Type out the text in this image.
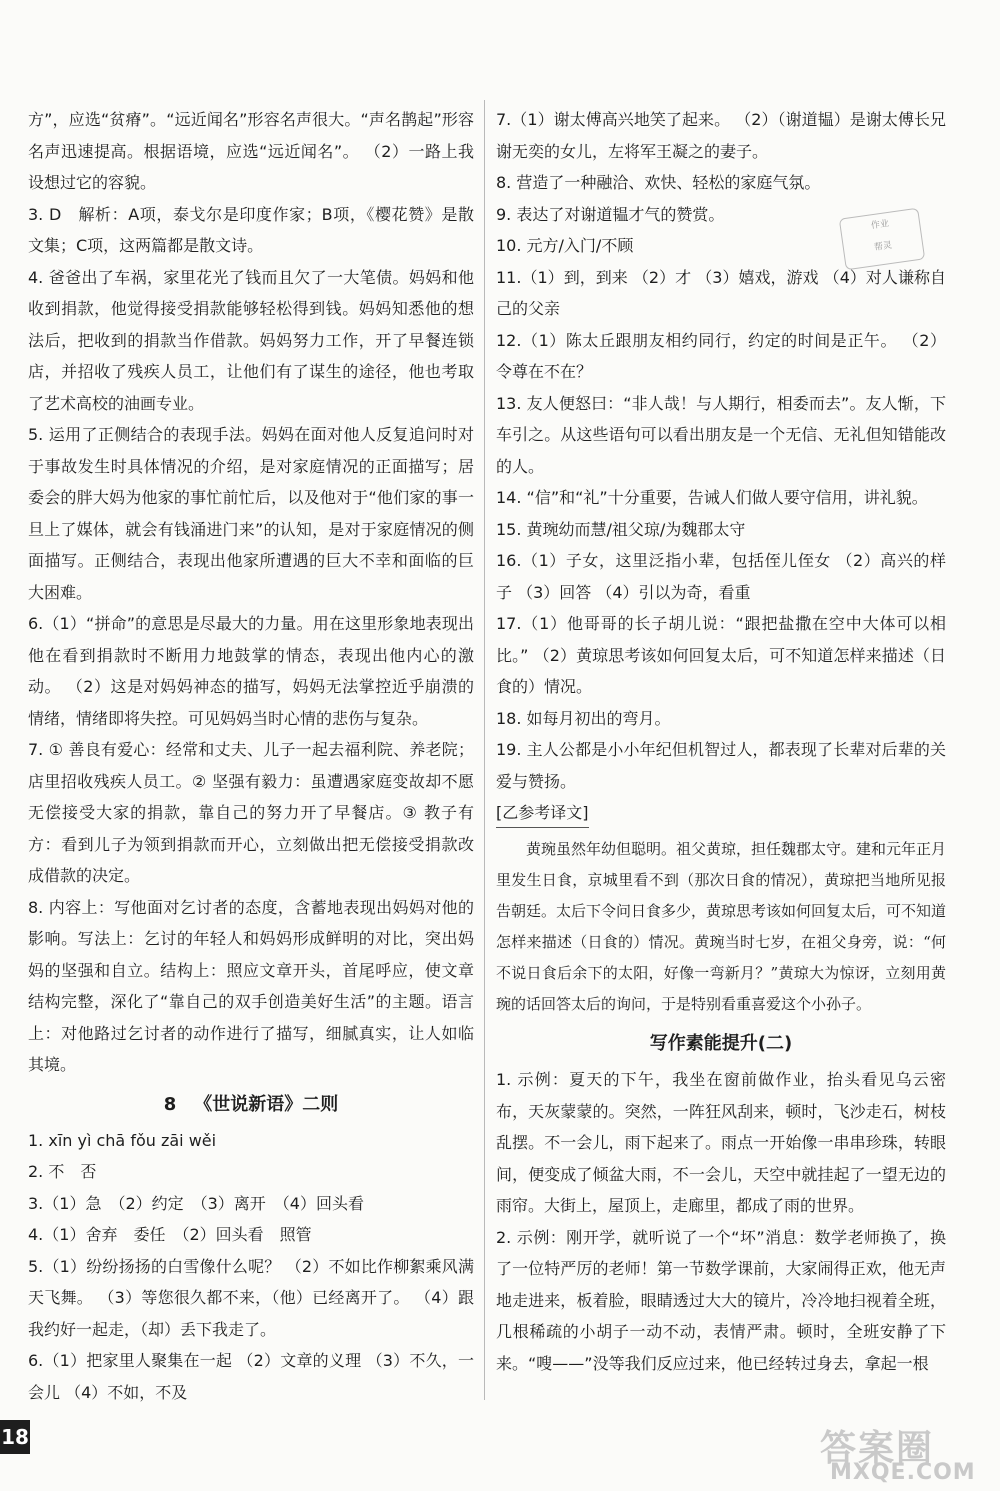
方”，应选“贫瘠”。“远近闻名”形容名声很大。“声名鹊起”形容名声迅速提高。根据语境，应选“远近闻名”。 （2）一路上我设想过它的容貌。

3. D　解析：A项，泰戈尔是印度作家；B项，《樱花赞》是散文集；C项，这两篇都是散文诗。

4. 爸爸出了车祸，家里花光了钱而且欠了一大笔债。妈妈和他收到捐款，他觉得接受捐款能够轻松得到钱。妈妈知悉他的想法后，把收到的捐款当作借款。妈妈努力工作，开了早餐连锁店，并招收了残疾人员工，让他们有了谋生的途径，他也考取了艺术高校的油画专业。

5. 运用了正侧结合的表现手法。妈妈在面对他人反复追问时对于事故发生时具体情况的介绍，是对家庭情况的正面描写；居委会的胖大妈为他家的事忙前忙后，以及他对于“他们家的事一旦上了媒体，就会有钱涌进门来”的认知，是对于家庭情况的侧面描写。正侧结合，表现出他家所遭遇的巨大不幸和面临的巨大困难。

6.（1）“拼命”的意思是尽最大的力量。用在这里形象地表现出他在看到捐款时不断用力地鼓掌的情态，表现出他内心的激动。 （2）这是对妈妈神态的描写，妈妈无法掌控近乎崩溃的情绪，情绪即将失控。可见妈妈当时心情的悲伤与复杂。

7. ① 善良有爱心：经常和丈夫、儿子一起去福利院、养老院；店里招收残疾人员工。② 坚强有毅力：虽遭遇家庭变故却不愿无偿接受大家的捐款，靠自己的努力开了早餐店。③ 教子有方：看到儿子为领到捐款而开心，立刻做出把无偿接受捐款改成借款的决定。

8. 内容上：写他面对乞讨者的态度，含蓄地表现出妈妈对他的影响。写法上：乞讨的年轻人和妈妈形成鲜明的对比，突出妈妈的坚强和自立。结构上：照应文章开头，首尾呼应，使文章结构完整，深化了“靠自己的双手创造美好生活”的主题。语言上：对他路过乞讨者的动作进行了描写，细腻真实，让人如临其境。

8 《世说新语》二则

1. xīn yì chā fǒu zāi wěi

2. 不　否

3.（1）急　（2）约定　（3）离开　（4）回头看

4.（1）舍弃　委任　（2）回头看　照管

5.（1）纷纷扬扬的白雪像什么呢？ （2）不如比作柳絮乘风满天飞舞。 （3）等您很久都不来，（他）已经离开了。 （4）跟我约好一起走，（却）丢下我走了。

6.（1）把家里人聚集在一起 （2）文章的义理 （3）不久，一会儿 （4）不如，不及

7.（1）谢太傅高兴地笑了起来。 （2）（谢道韫）是谢太傅长兄谢无奕的女儿，左将军王凝之的妻子。

8. 营造了一种融洽、欢快、轻松的家庭气氛。

9. 表达了对谢道韫才气的赞赏。

10. 元方/入门/不顾

11.（1）到，到来 （2）才 （3）嬉戏，游戏 （4）对人谦称自己的父亲

12.（1）陈太丘跟朋友相约同行，约定的时间是正午。 （2）令尊在不在？

13. 友人便怒曰：“非人哉！与人期行，相委而去”。友人惭，下车引之。从这些语句可以看出朋友是一个无信、无礼但知错能改的人。

14. “信”和“礼”十分重要，告诫人们做人要守信用，讲礼貌。

15. 黄琬幼而慧/祖父琼/为魏郡太守

16.（1）子女，这里泛指小辈，包括侄儿侄女 （2）高兴的样子 （3）回答 （4）引以为奇，看重

17.（1）他哥哥的长子胡儿说：“跟把盐撒在空中大体可以相比。” （2）黄琼思考该如何回复太后，可不知道怎样来描述（日食的）情况。

18. 如每月初出的弯月。

19. 主人公都是小小年纪但机智过人，都表现了长辈对后辈的关爱与赞扬。

[乙参考译文]

黄琬虽然年幼但聪明。祖父黄琼，担任魏郡太守。建和元年正月里发生日食，京城里看不到（那次日食的情况），黄琼把当地所见报告朝廷。太后下令问日食多少，黄琼思考该如何回复太后，可不知道怎样来描述（日食的）情况。黄琬当时七岁，在祖父身旁，说：“何不说日食后余下的太阳，好像一弯新月？”黄琼大为惊讶，立刻用黄琬的话回答太后的询问，于是特别看重喜爱这个小孙子。

写作素能提升(二)

1. 示例：夏天的下午，我坐在窗前做作业，抬头看见乌云密布，天灰蒙蒙的。突然，一阵狂风刮来，顿时，飞沙走石，树枝乱摆。不一会儿，雨下起来了。雨点一开始像一串串珍珠，转眼间，便变成了倾盆大雨，不一会儿，天空中就挂起了一望无边的雨帘。大街上，屋顶上，走廊里，都成了雨的世界。

2. 示例：刚开学，就听说了一个“坏”消息：数学老师换了，换了一位特严厉的老师！第一节数学课前，大家闹得正欢，他无声地走进来，板着脸，眼睛透过大大的镜片，冷冷地扫视着全班，几根稀疏的小胡子一动不动，表情严肃。顿时，全班安静了下来。“嗖——”没等我们反应过来，他已经转过身去，拿起一根

作业
帮灵
18	答案圈
MXQE.COM
